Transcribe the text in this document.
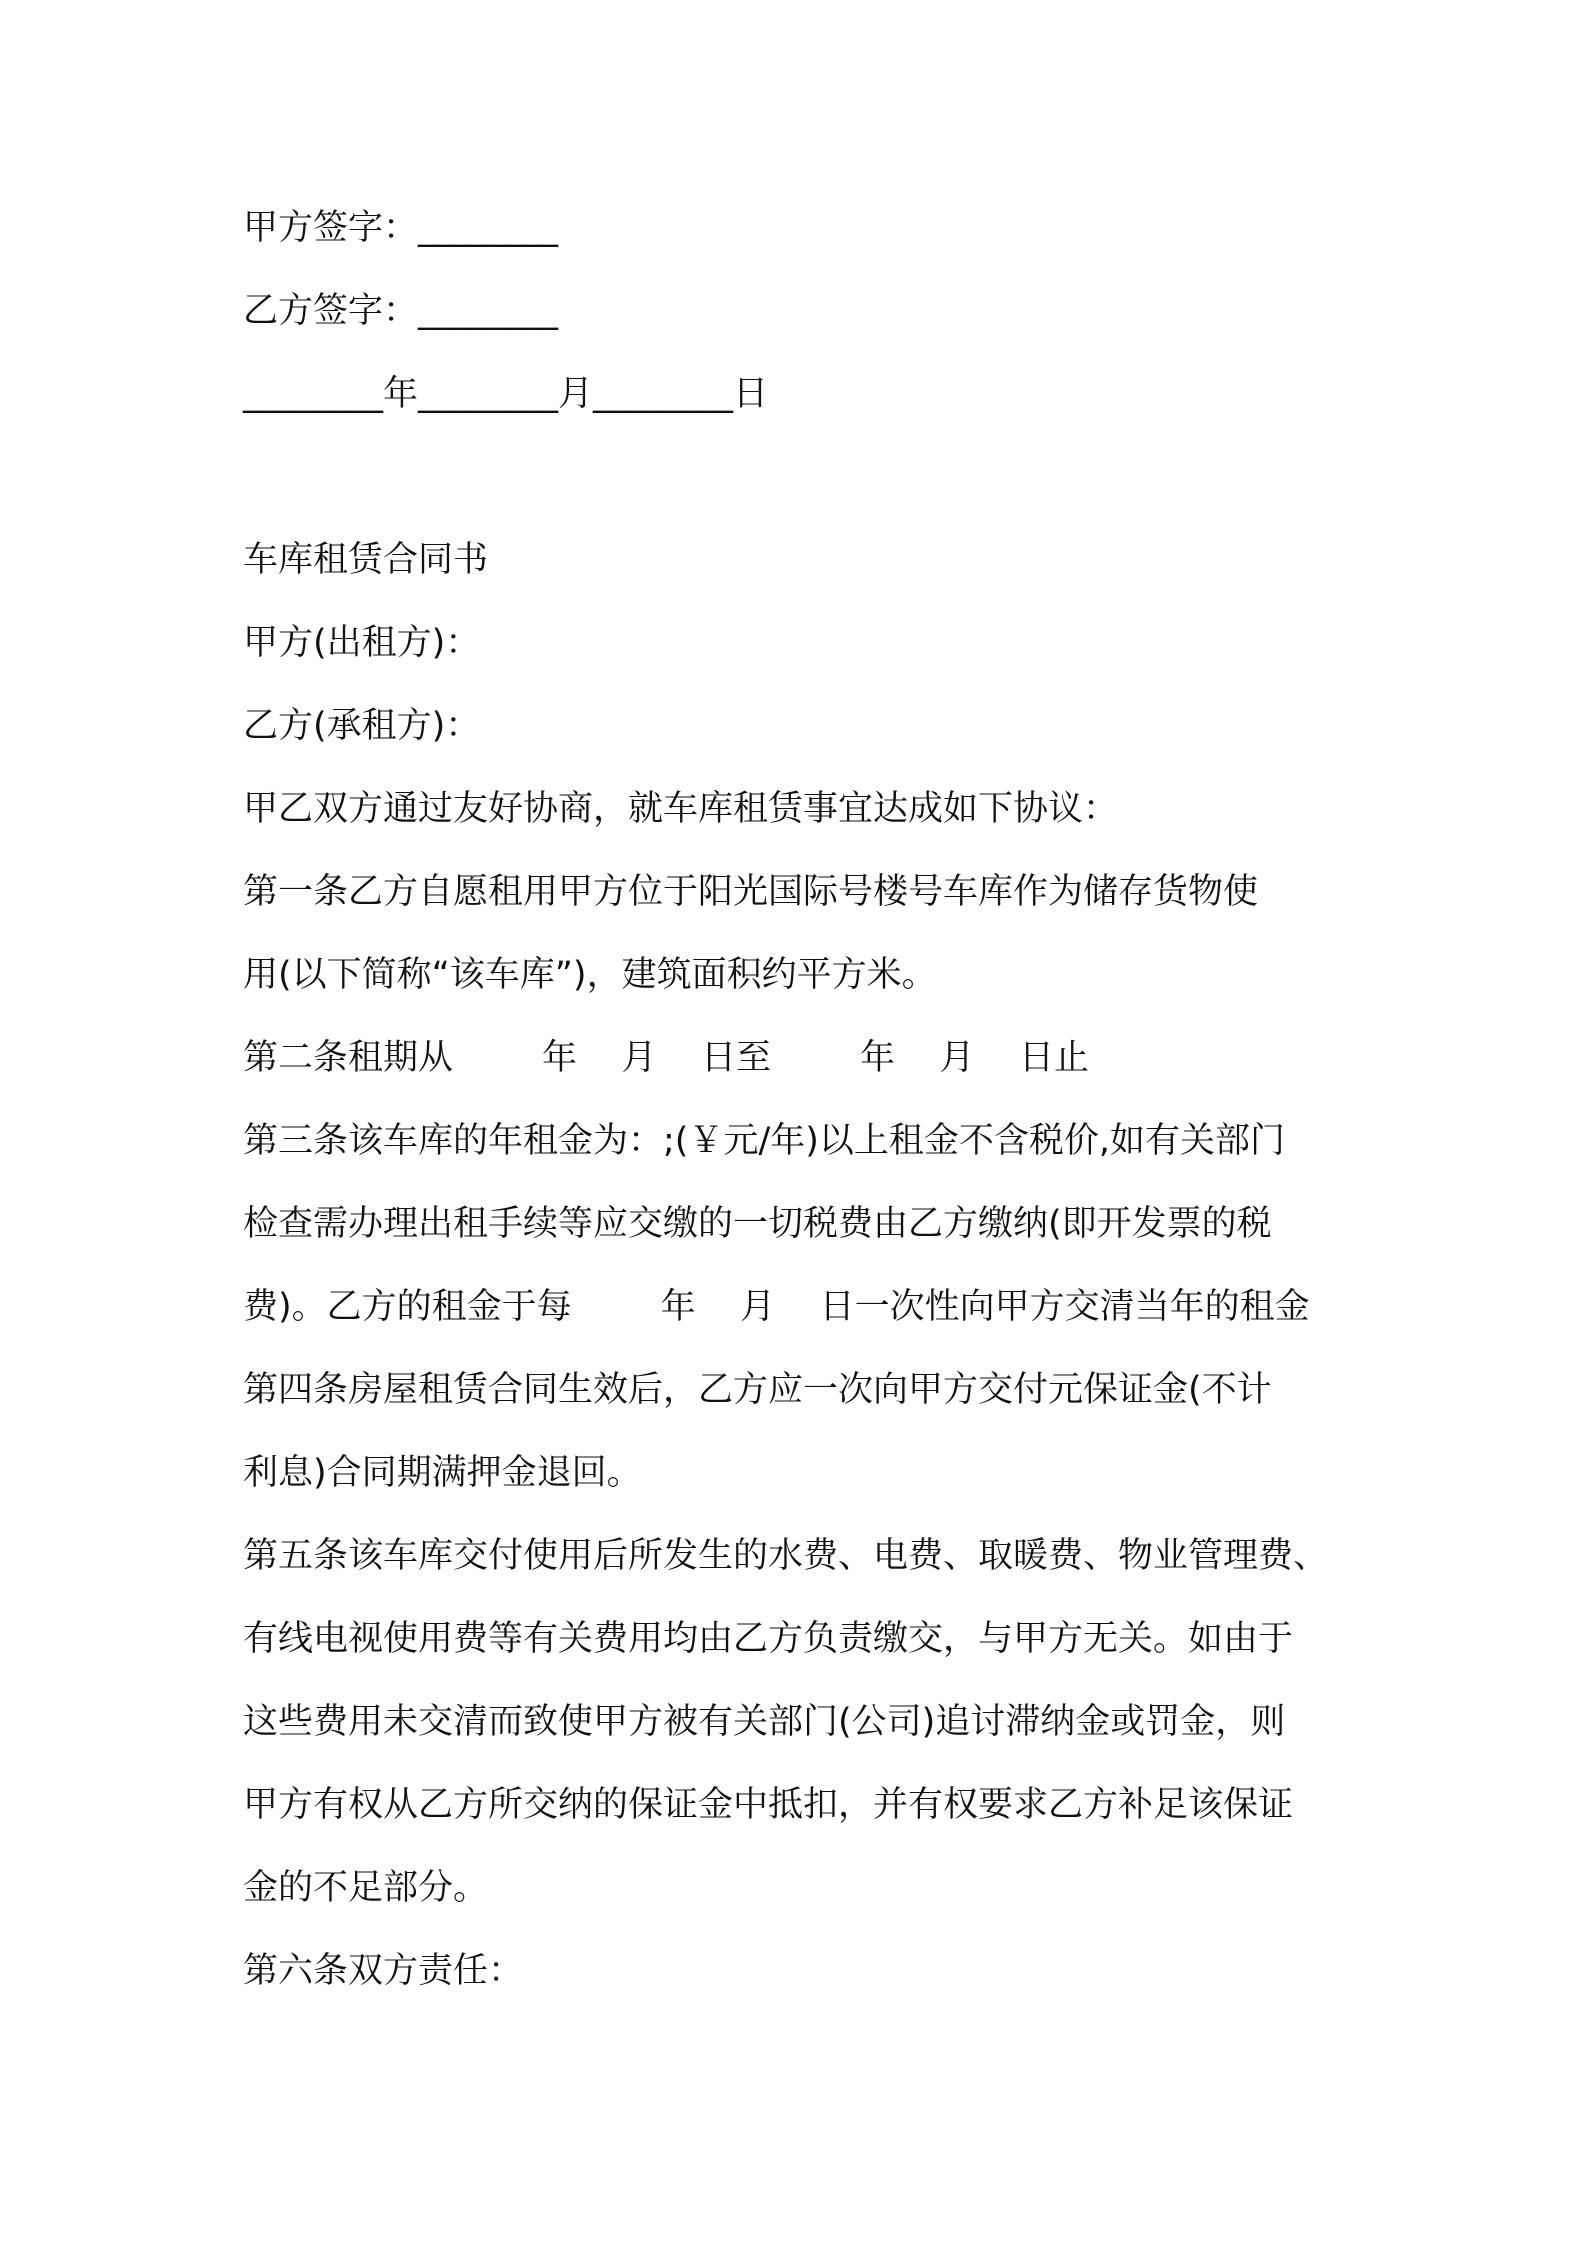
甲方签字：________
乙方签字：________
________年________月________日
车库租赁合同书
甲方(出租方)：
乙方(承租方)：
甲乙双方通过友好协商，就车库租赁事宜达成如下协议：
第一条乙方自愿租用甲方位于阳光国际号楼号车库作为储存货物使
用(以下简称“该车库”)，建筑面积约平方米。
第二条租期从        年    月    日至        年    月    日止
第三条该车库的年租金为：;(￥元/年)以上租金不含税价,如有关部门
检查需办理出租手续等应交缴的一切税费由乙方缴纳(即开发票的税
费)。乙方的租金于每        年    月    日一次性向甲方交清当年的租金
第四条房屋租赁合同生效后，乙方应一次向甲方交付元保证金(不计
利息)合同期满押金退回。
第五条该车库交付使用后所发生的水费、电费、取暖费、物业管理费、
有线电视使用费等有关费用均由乙方负责缴交，与甲方无关。如由于
这些费用未交清而致使甲方被有关部门(公司)追讨滞纳金或罚金，则
甲方有权从乙方所交纳的保证金中抵扣，并有权要求乙方补足该保证
金的不足部分。
第六条双方责任：
